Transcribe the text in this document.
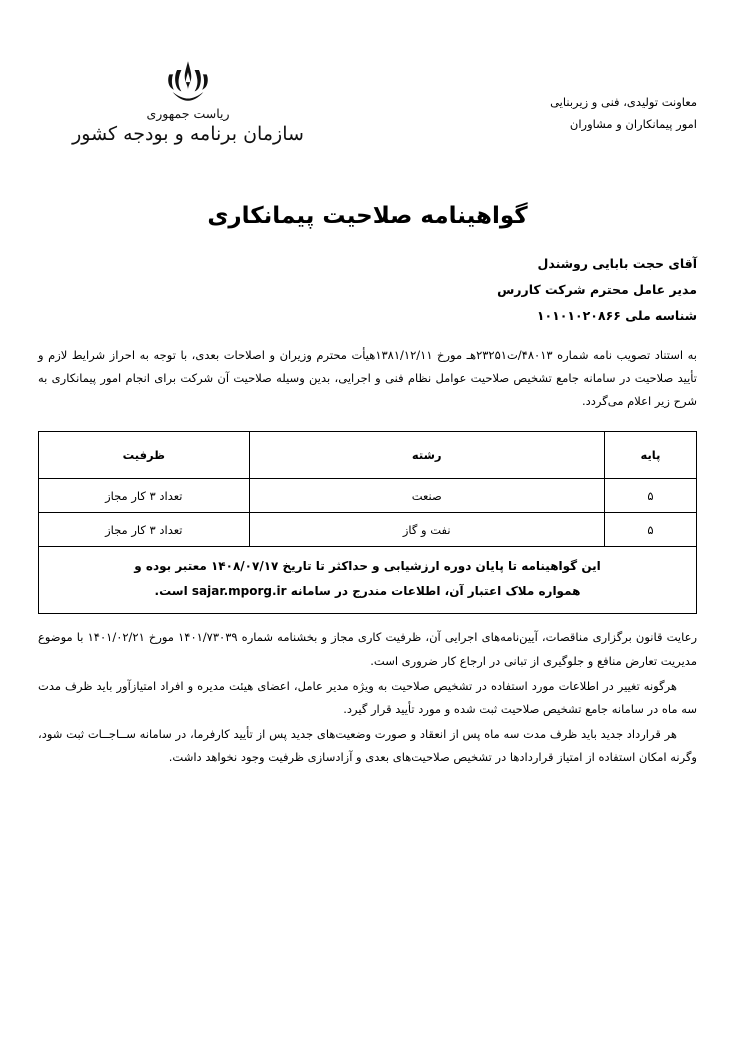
ریاست جمهوری
سازمان برنامه و بودجه کشور
معاونت تولیدی، فنی و زیربنایی
امور پیمانکاران و مشاوران
گواهینامه صلاحیت پیمانکاری
آقای حجت بابایی روشندل
مدیر عامل محترم شرکت کاررس
شناسه ملی ۱۰۱۰۱۰۲۰۸۶۶
به استناد تصویب نامه شماره ۴۸۰۱۳/ت۲۳۲۵۱هـ مورخ ۱۳۸۱/۱۲/۱۱هیأت محترم وزیران و اصلاحات بعدی، با توجه به احراز شرایط لازم و تأیید صلاحیت در سامانه جامع تشخیص صلاحیت عوامل نظام فنی و اجرایی، بدین وسیله صلاحیت آن شرکت برای انجام امور پیمانکاری به شرح زیر اعلام می‌گردد.
پایه	رشته	ظرفیت
۵	صنعت	تعداد ۳ کار مجاز
۵	نفت و گاز	تعداد ۳ کار مجاز
این گواهینامه تا پایان دوره ارزشیابی و حداکثر تا تاریخ ۱۴۰۸/۰۷/۱۷ معتبر بوده و
همواره ملاک اعتبار آن، اطلاعات مندرج در سامانه sajar.mporg.ir است.

رعایت قانون برگزاری مناقصات، آیین‌نامه‌های اجرایی آن، ظرفیت کاری مجاز و بخشنامه شماره ۱۴۰۱/۷۳۰۳۹ مورخ ۱۴۰۱/۰۲/۲۱ با موضوع مدیریت تعارض منافع و جلوگیری از تبانی در ارجاع کار ضروری است.

هرگونه تغییر در اطلاعات مورد استفاده در تشخیص صلاحیت به ویژه مدیر عامل، اعضای هیئت مدیره و افراد امتیازآور باید ظرف مدت سه ماه در سامانه جامع تشخیص صلاحیت ثبت شده و مورد تأیید قرار گیرد.

هر قرارداد جدید باید ظرف مدت سه ماه پس از انعقاد و صورت وضعیت‌های جدید پس از تأیید کارفرما، در سامانه ســاجــات ثبت شود، وگرنه امکان استفاده از امتیاز قراردادها در تشخیص صلاحیت‌های بعدی و آزادسازی ظرفیت وجود نخواهد داشت.
